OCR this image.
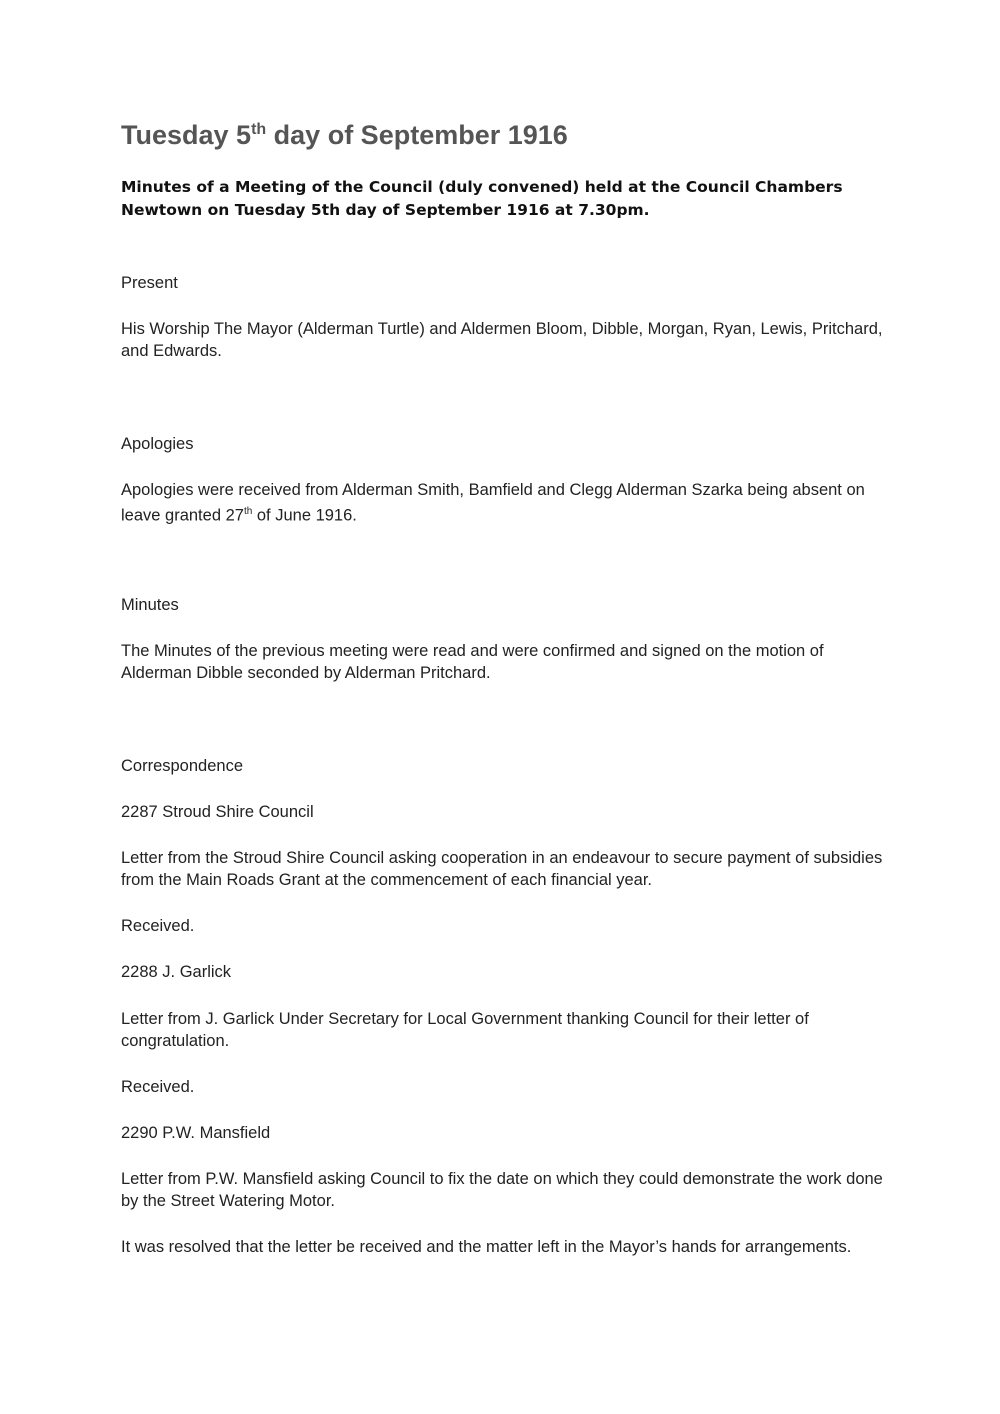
Tuesday 5th day of September 1916

Minutes of a Meeting of the Council (duly convened) held at the Council Chambers Newtown on Tuesday 5th day of September 1916 at 7.30pm.

Present

His Worship The Mayor (Alderman Turtle) and Aldermen Bloom, Dibble, Morgan, Ryan, Lewis, Pritchard, and Edwards.

Apologies

Apologies were received from Alderman Smith, Bamfield and Clegg Alderman Szarka being absent on leave granted 27th of June 1916.

Minutes

The Minutes of the previous meeting were read and were confirmed and signed on the motion of Alderman Dibble seconded by Alderman Pritchard.

Correspondence

2287 Stroud Shire Council

Letter from the Stroud Shire Council asking cooperation in an endeavour to secure payment of subsidies from the Main Roads Grant at the commencement of each financial year.

Received.

2288 J. Garlick

Letter from J. Garlick Under Secretary for Local Government thanking Council for their letter of congratulation.

Received.

2290 P.W. Mansfield

Letter from P.W. Mansfield asking Council to fix the date on which they could demonstrate the work done by the Street Watering Motor.

It was resolved that the letter be received and the matter left in the Mayor’s hands for arrangements.
